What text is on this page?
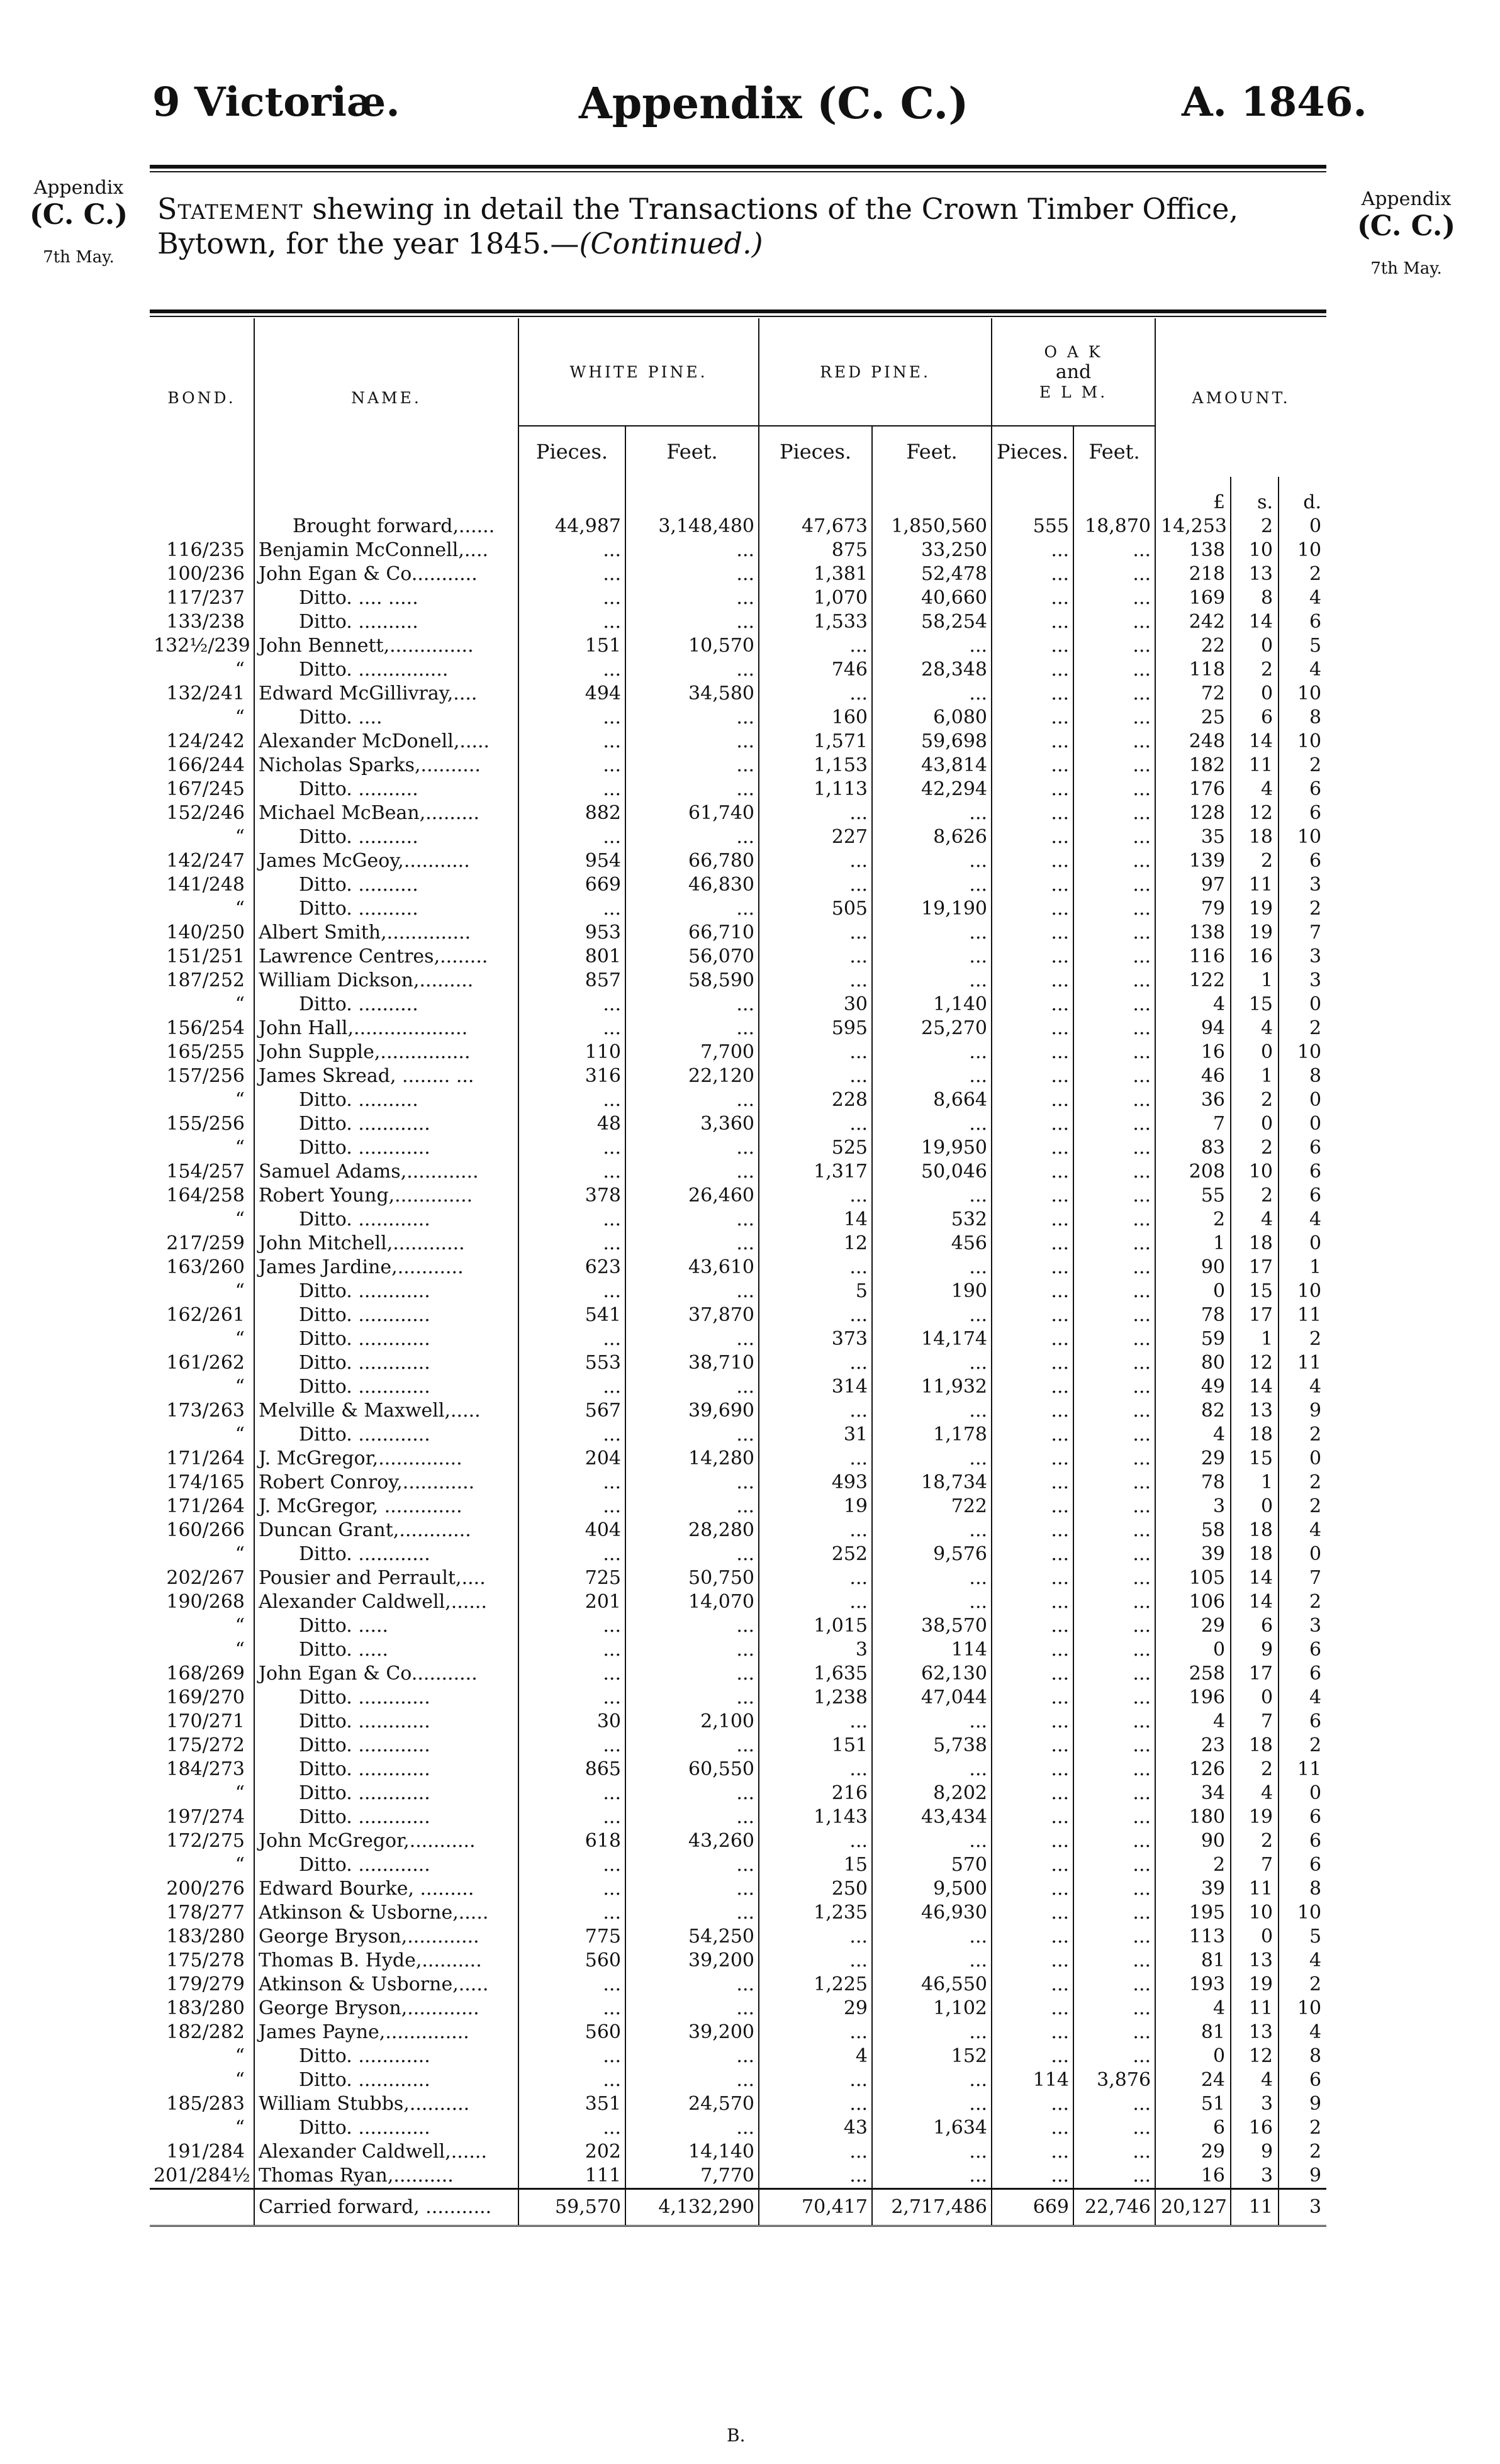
9 Victoriæ.	Appendix (C. C.)	A. 1846.
Appendix
(C. C.)
7th May.
Appendix
(C. C.)
7th May.
Statement shewing in detail the Transactions of the Crown Timber Office, Bytown, for the year 1845.—(Continued.)
BOND.	NAME.	WHITE PINE.		RED PINE.		O A K
and
E L M.		AMOUNT.		
		Pieces.	Feet.	Pieces.	Feet.	Pieces.	Feet.			
								£	s.	d.
	Brought forward,......	44,987	3,148,480	47,673	1,850,560	555	18,870	14,253	2	0
116/235	Benjamin McConnell,....	...	...	875	33,250	...	...	138	10	10
100/236	John Egan & Co...........	...	...	1,381	52,478	...	...	218	13	2
117/237	Ditto. .... .....	...	...	1,070	40,660	...	...	169	8	4
133/238	Ditto. ..........	...	...	1,533	58,254	...	...	242	14	6
132½/239	John Bennett,..............	151	10,570	...	...	...	...	22	0	5
“	Ditto. ...............	...	...	746	28,348	...	...	118	2	4
132/241	Edward McGillivray,....	494	34,580	...	...	...	...	72	0	10
“	Ditto. ....	...	...	160	6,080	...	...	25	6	8
124/242	Alexander McDonell,.....	...	...	1,571	59,698	...	...	248	14	10
166/244	Nicholas Sparks,..........	...	...	1,153	43,814	...	...	182	11	2
167/245	Ditto. ..........	...	...	1,113	42,294	...	...	176	4	6
152/246	Michael McBean,.........	882	61,740	...	...	...	...	128	12	6
“	Ditto. ..........	...	...	227	8,626	...	...	35	18	10
142/247	James McGeoy,...........	954	66,780	...	...	...	...	139	2	6
141/248	Ditto. ..........	669	46,830	...	...	...	...	97	11	3
“	Ditto. ..........	...	...	505	19,190	...	...	79	19	2
140/250	Albert Smith,..............	953	66,710	...	...	...	...	138	19	7
151/251	Lawrence Centres,........	801	56,070	...	...	...	...	116	16	3
187/252	William Dickson,.........	857	58,590	...	...	...	...	122	1	3
“	Ditto. ..........	...	...	30	1,140	...	...	4	15	0
156/254	John Hall,...................	...	...	595	25,270	...	...	94	4	2
165/255	John Supple,...............	110	7,700	...	...	...	...	16	0	10
157/256	James Skread, ........ ...	316	22,120	...	...	...	...	46	1	8
“	Ditto. ..........	...	...	228	8,664	...	...	36	2	0
155/256	Ditto. ............	48	3,360	...	...	...	...	7	0	0
“	Ditto. ............	...	...	525	19,950	...	...	83	2	6
154/257	Samuel Adams,............	...	...	1,317	50,046	...	...	208	10	6
164/258	Robert Young,.............	378	26,460	...	...	...	...	55	2	6
“	Ditto. ............	...	...	14	532	...	...	2	4	4
217/259	John Mitchell,............	...	...	12	456	...	...	1	18	0
163/260	James Jardine,...........	623	43,610	...	...	...	...	90	17	1
“	Ditto. ............	...	...	5	190	...	...	0	15	10
162/261	Ditto. ............	541	37,870	...	...	...	...	78	17	11
“	Ditto. ............	...	...	373	14,174	...	...	59	1	2
161/262	Ditto. ............	553	38,710	...	...	...	...	80	12	11
“	Ditto. ............	...	...	314	11,932	...	...	49	14	4
173/263	Melville & Maxwell,.....	567	39,690	...	...	...	...	82	13	9
“	Ditto. ............	...	...	31	1,178	...	...	4	18	2
171/264	J. McGregor,..............	204	14,280	...	...	...	...	29	15	0
174/165	Robert Conroy,............	...	...	493	18,734	...	...	78	1	2
171/264	J. McGregor, .............	...	...	19	722	...	...	3	0	2
160/266	Duncan Grant,............	404	28,280	...	...	...	...	58	18	4
“	Ditto. ............	...	...	252	9,576	...	...	39	18	0
202/267	Pousier and Perrault,....	725	50,750	...	...	...	...	105	14	7
190/268	Alexander Caldwell,......	201	14,070	...	...	...	...	106	14	2
“	Ditto. .....	...	...	1,015	38,570	...	...	29	6	3
“	Ditto. .....	...	...	3	114	...	...	0	9	6
168/269	John Egan & Co...........	...	...	1,635	62,130	...	...	258	17	6
169/270	Ditto. ............	...	...	1,238	47,044	...	...	196	0	4
170/271	Ditto. ............	30	2,100	...	...	...	...	4	7	6
175/272	Ditto. ............	...	...	151	5,738	...	...	23	18	2
184/273	Ditto. ............	865	60,550	...	...	...	...	126	2	11
“	Ditto. ............	...	...	216	8,202	...	...	34	4	0
197/274	Ditto. ............	...	...	1,143	43,434	...	...	180	19	6
172/275	John McGregor,...........	618	43,260	...	...	...	...	90	2	6
“	Ditto. ............	...	...	15	570	...	...	2	7	6
200/276	Edward Bourke, .........	...	...	250	9,500	...	...	39	11	8
178/277	Atkinson & Usborne,.....	...	...	1,235	46,930	...	...	195	10	10
183/280	George Bryson,............	775	54,250	...	...	...	...	113	0	5
175/278	Thomas B. Hyde,..........	560	39,200	...	...	...	...	81	13	4
179/279	Atkinson & Usborne,.....	...	...	1,225	46,550	...	...	193	19	2
183/280	George Bryson,............	...	...	29	1,102	...	...	4	11	10
182/282	James Payne,..............	560	39,200	...	...	...	...	81	13	4
“	Ditto. ............	...	...	4	152	...	...	0	12	8
“	Ditto. ............	...	...	...	...	114	3,876	24	4	6
185/283	William Stubbs,..........	351	24,570	...	...	...	...	51	3	9
“	Ditto. ............	...	...	43	1,634	...	...	6	16	2
191/284	Alexander Caldwell,......	202	14,140	...	...	...	...	29	9	2
201/284½	Thomas Ryan,..........	111	7,770	...	...	...	...	16	3	9
	Carried forward, ...........	59,570	4,132,290	70,417	2,717,486	669	22,746	20,127	11	3
B.
